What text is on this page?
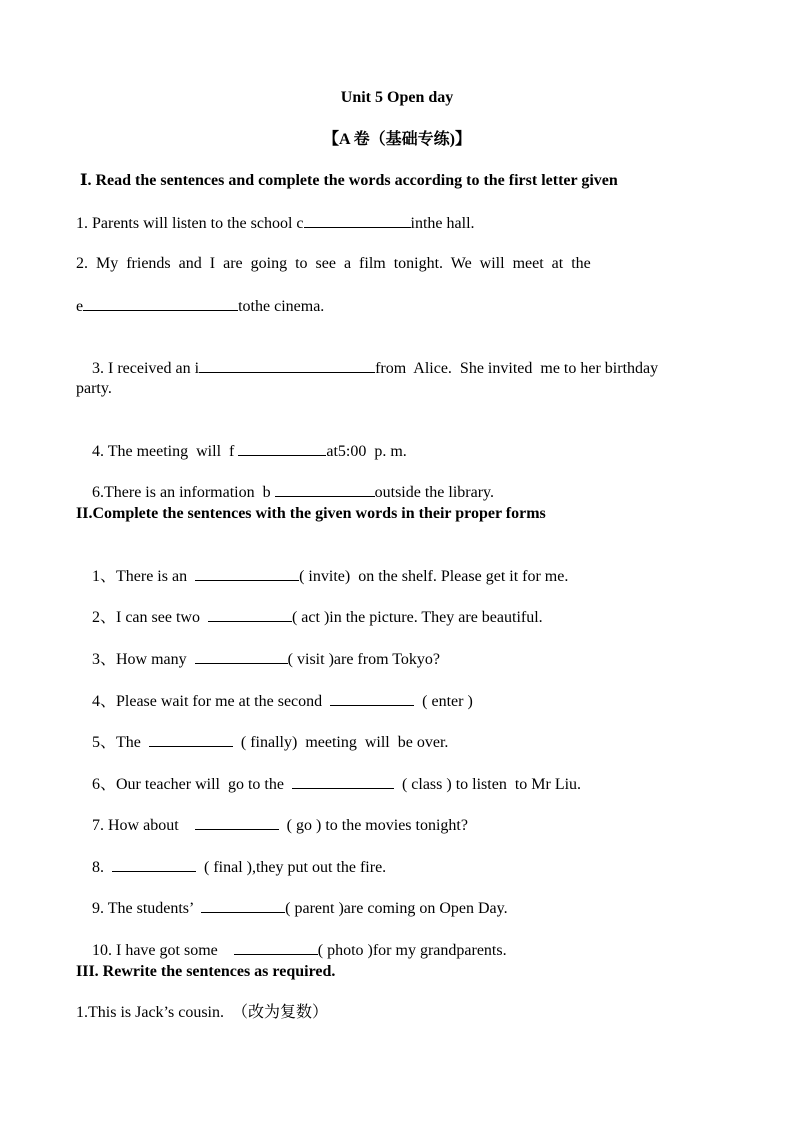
Unit 5 Open day
【A 卷（基础专练)】
Ⅰ. Read the sentences and complete the words according to the first letter given
1. Parents will listen to the school c	inthe hall.
2.  My  friends  and  I  are  going  to  see  a  film  tonight.  We  will  meet  at  the
e	tothe cinema.

3. I received an i	from  Alice.  She invited  me to her birthday

party.

4. The meeting  will  f	at5:00  p. m.

6.There is an information  b	outside the library.

II.Complete the sentences with the given words in their proper forms

1、There is an	( invite)  on the shelf. Please get it for me.

2、I can see two	( act )in the picture. They are beautiful.

3、How many	( visit )are from Tokyo?

4、Please wait for me at the second	( enter )

5、The	( finally)  meeting  will  be over.

6、Our teacher will  go to the	( class ) to listen  to Mr Liu.

7. How about	( go ) to the movies tonight?

8.	( final ),they put out the fire.

9. The students’	( parent )are coming on Open Day.

10. I have got some	( photo )for my grandparents.

III. Rewrite the sentences as required.
1.This is Jack’s cousin.  （改为复数）
